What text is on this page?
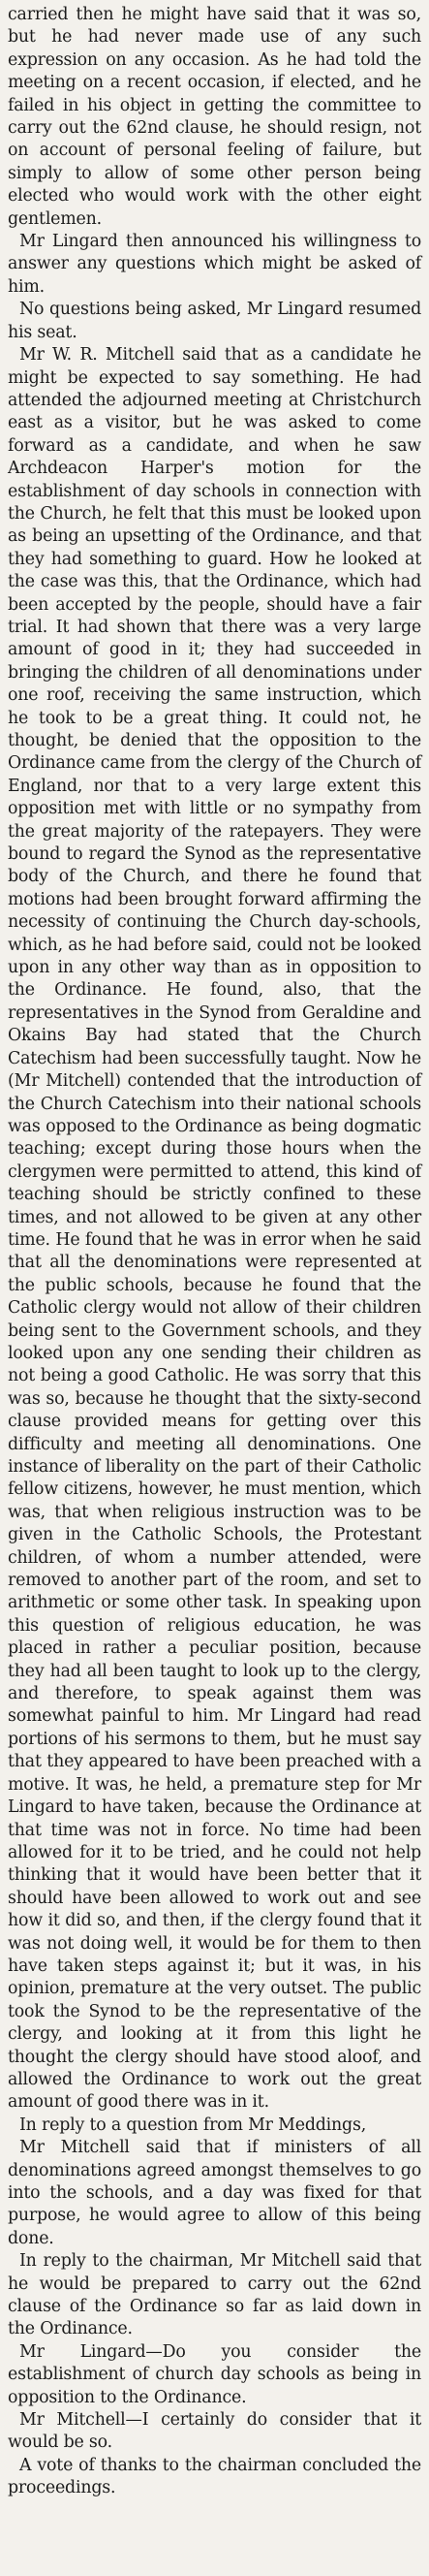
carried then he might have said that it was so, but he had never made use of any such expression on any occasion. As he had told the meeting on a recent occasion, if elected, and he failed in his object in getting the committee to carry out the 62nd clause, he should resign, not on account of personal feeling of failure, but simply to allow of some other person being elected who would work with the other eight gentlemen.

Mr Lingard then announced his willingness to answer any questions which might be asked of him.

No questions being asked, Mr Lingard resumed his seat.

Mr W. R. Mitchell said that as a candidate he might be expected to say something. He had attended the adjourned meeting at Christchurch east as a visitor, but he was asked to come forward as a candidate, and when he saw Archdeacon Harper's motion for the establishment of day schools in connection with the Church, he felt that this must be looked upon as being an upsetting of the Ordinance, and that they had something to guard. How he looked at the case was this, that the Ordinance, which had been accepted by the people, should have a fair trial. It had shown that there was a very large amount of good in it; they had succeeded in bringing the children of all denominations under one roof, receiving the same instruction, which he took to be a great thing. It could not, he thought, be denied that the opposition to the Ordinance came from the clergy of the Church of England, nor that to a very large extent this opposition met with little or no sympathy from the great majority of the ratepayers. They were bound to regard the Synod as the representative body of the Church, and there he found that motions had been brought forward affirming the necessity of continuing the Church day-schools, which, as he had before said, could not be looked upon in any other way than as in opposition to the Ordinance. He found, also, that the representatives in the Synod from Geraldine and Okains Bay had stated that the Church Catechism had been successfully taught. Now he (Mr Mitchell) contended that the introduction of the Church Catechism into their national schools was opposed to the Ordinance as being dogmatic teaching; except during those hours when the clergymen were permitted to attend, this kind of teaching should be strictly confined to these times, and not allowed to be given at any other time. He found that he was in error when he said that all the denominations were represented at the public schools, because he found that the Catholic clergy would not allow of their children being sent to the Government schools, and they looked upon any one sending their children as not being a good Catholic. He was sorry that this was so, because he thought that the sixty-second clause provided means for getting over this difficulty and meeting all denominations. One instance of liberality on the part of their Catholic fellow citizens, however, he must mention, which was, that when religious instruction was to be given in the Catholic Schools, the Protestant children, of whom a number attended, were removed to another part of the room, and set to arithmetic or some other task. In speaking upon this question of religious education, he was placed in rather a peculiar position, because they had all been taught to look up to the clergy, and therefore, to speak against them was somewhat painful to him. Mr Lingard had read portions of his sermons to them, but he must say that they appeared to have been preached with a motive. It was, he held, a premature step for Mr Lingard to have taken, because the Ordinance at that time was not in force. No time had been allowed for it to be tried, and he could not help thinking that it would have been better that it should have been allowed to work out and see how it did so, and then, if the clergy found that it was not doing well, it would be for them to then have taken steps against it; but it was, in his opinion, premature at the very outset. The public took the Synod to be the representative of the clergy, and looking at it from this light he thought the clergy should have stood aloof, and allowed the Ordinance to work out the great amount of good there was in it.

In reply to a question from Mr Meddings,

Mr Mitchell said that if ministers of all denominations agreed amongst themselves to go into the schools, and a day was fixed for that purpose, he would agree to allow of this being done.

In reply to the chairman, Mr Mitchell said that he would be prepared to carry out the 62nd clause of the Ordinance so far as laid down in the Ordinance.

Mr Lingard—Do you consider the establishment of church day schools as being in opposition to the Ordinance.

Mr Mitchell—I certainly do consider that it would be so.

A vote of thanks to the chairman concluded the proceedings.
